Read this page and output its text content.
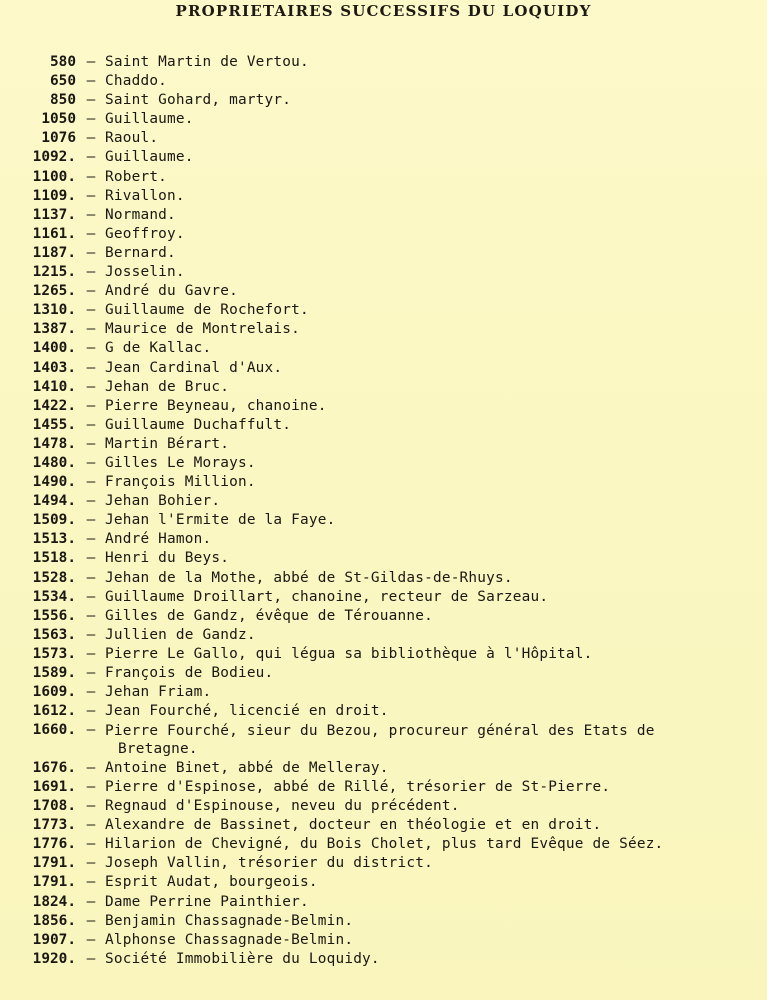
PROPRIETAIRES SUCCESSIFS DU LOQUIDY
580 — Saint Martin de Vertou.
650 — Chaddo.
850 — Saint Gohard, martyr.
1050 — Guillaume.
1076 — Raoul.
1092. — Guillaume.
1100. — Robert.
1109. — Rivallon.
1137. — Normand.
1161. — Geoffroy.
1187. — Bernard.
1215. — Josselin.
1265. — André du Gavre.
1310. — Guillaume de Rochefort.
1387. — Maurice de Montrelais.
1400. — G de Kallac.
1403. — Jean Cardinal d'Aux.
1410. — Jehan de Bruc.
1422. — Pierre Beyneau, chanoine.
1455. — Guillaume Duchaffult.
1478. — Martin Bérart.
1480. — Gilles Le Morays.
1490. — François Million.
1494. — Jehan Bohier.
1509. — Jehan l'Ermite de la Faye.
1513. — André Hamon.
1518. — Henri du Beys.
1528. — Jehan de la Mothe, abbé de St-Gildas-de-Rhuys.
1534. — Guillaume Droillart, chanoine, recteur de Sarzeau.
1556. — Gilles de Gandz, évêque de Térouanne.
1563. — Jullien de Gandz.
1573. — Pierre Le Gallo, qui légua sa bibliothèque à l'Hôpital.
1589. — François de Bodieu.
1609. — Jehan Friam.
1612. — Jean Fourché, licencié en droit.
1660. — Pierre Fourché, sieur du Bezou, procureur général des Etats de
Bretagne.
1676. — Antoine Binet, abbé de Melleray.
1691. — Pierre d'Espinose, abbé de Rillé, trésorier de St-Pierre.
1708. — Regnaud d'Espinouse, neveu du précédent.
1773. — Alexandre de Bassinet, docteur en théologie et en droit.
1776. — Hilarion de Chevigné, du Bois Cholet, plus tard Evêque de Séez.
1791. — Joseph Vallin, trésorier du district.
1791. — Esprit Audat, bourgeois.
1824. — Dame Perrine Painthier.
1856. — Benjamin Chassagnade-Belmin.
1907. — Alphonse Chassagnade-Belmin.
1920. — Société Immobilière du Loquidy.
